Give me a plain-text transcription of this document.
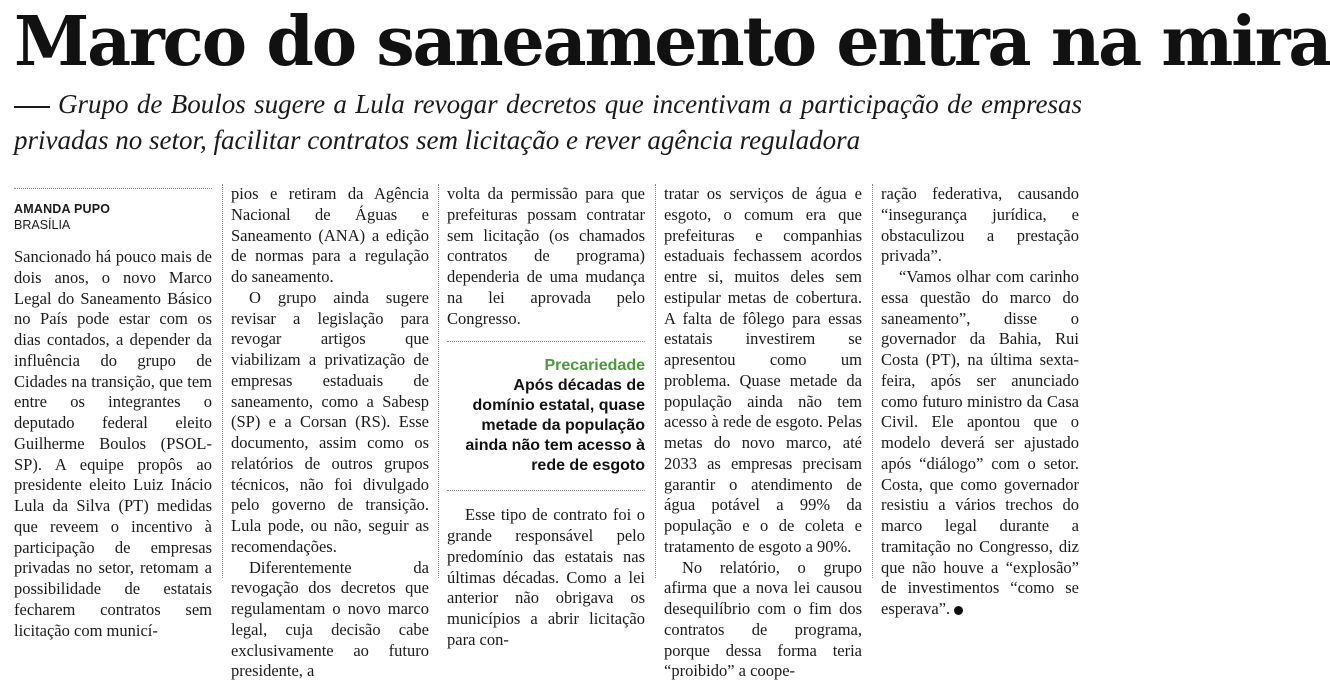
Marco do saneamento entra na mira
Grupo de Boulos sugere a Lula revogar decretos que incentivam a participação de empresas privadas no setor, facilitar contratos sem licitação e rever agência reguladora
AMANDA PUPO
BRASÍLIA

Sancionado há pouco mais de dois anos, o novo Marco Legal do Saneamento Básico no País pode estar com os dias contados, a depender da influência do grupo de Cidades na transição, que tem entre os integrantes o deputado federal eleito Guilherme Boulos (PSOL-SP). A equipe propôs ao presidente eleito Luiz Inácio Lula da Silva (PT) medidas que reveem o incentivo à participação de empresas privadas no setor, retomam a possibilidade de estatais fecharem contratos sem licitação com municí-

pios e retiram da Agência Nacional de Águas e Saneamento (ANA) a edição de normas para a regulação do saneamento.

O grupo ainda sugere revisar a legislação para revogar artigos que viabilizam a privatização de empresas estaduais de saneamento, como a Sabesp (SP) e a Corsan (RS). Esse documento, assim como os relatórios de outros grupos técnicos, não foi divulgado pelo governo de transição. Lula pode, ou não, seguir as recomendações.

Diferentemente da revogação dos decretos que regulamentam o novo marco legal, cuja decisão cabe exclusivamente ao futuro presidente, a

volta da permissão para que prefeituras possam contratar sem licitação (os chamados contratos de programa) dependeria de uma mudança na lei aprovada pelo Congresso.

Precariedade
Após décadas de domínio estatal, quase metade da população ainda não tem acesso à rede de esgoto

Esse tipo de contrato foi o grande responsável pelo predomínio das estatais nas últimas décadas. Como a lei anterior não obrigava os municípios a abrir licitação para con-

tratar os serviços de água e esgoto, o comum era que prefeituras e companhias estaduais fechassem acordos entre si, muitos deles sem estipular metas de cobertura. A falta de fôlego para essas estatais investirem se apresentou como um problema. Quase metade da população ainda não tem acesso à rede de esgoto. Pelas metas do novo marco, até 2033 as empresas precisam garantir o atendimento de água potável a 99% da população e o de coleta e tratamento de esgoto a 90%.

No relatório, o grupo afirma que a nova lei causou desequilíbrio com o fim dos contratos de programa, porque dessa forma teria “proibido” a coope-

ração federativa, causando “insegurança jurídica, e obstaculizou a prestação privada”.

“Vamos olhar com carinho essa questão do marco do saneamento”, disse o governador da Bahia, Rui Costa (PT), na última sexta-feira, após ser anunciado como futuro ministro da Casa Civil. Ele apontou que o modelo deverá ser ajustado após “diálogo” com o setor. Costa, que como governador resistiu a vários trechos do marco legal durante a tramitação no Congresso, diz que não houve a “explosão” de investimentos “como se esperava”.
